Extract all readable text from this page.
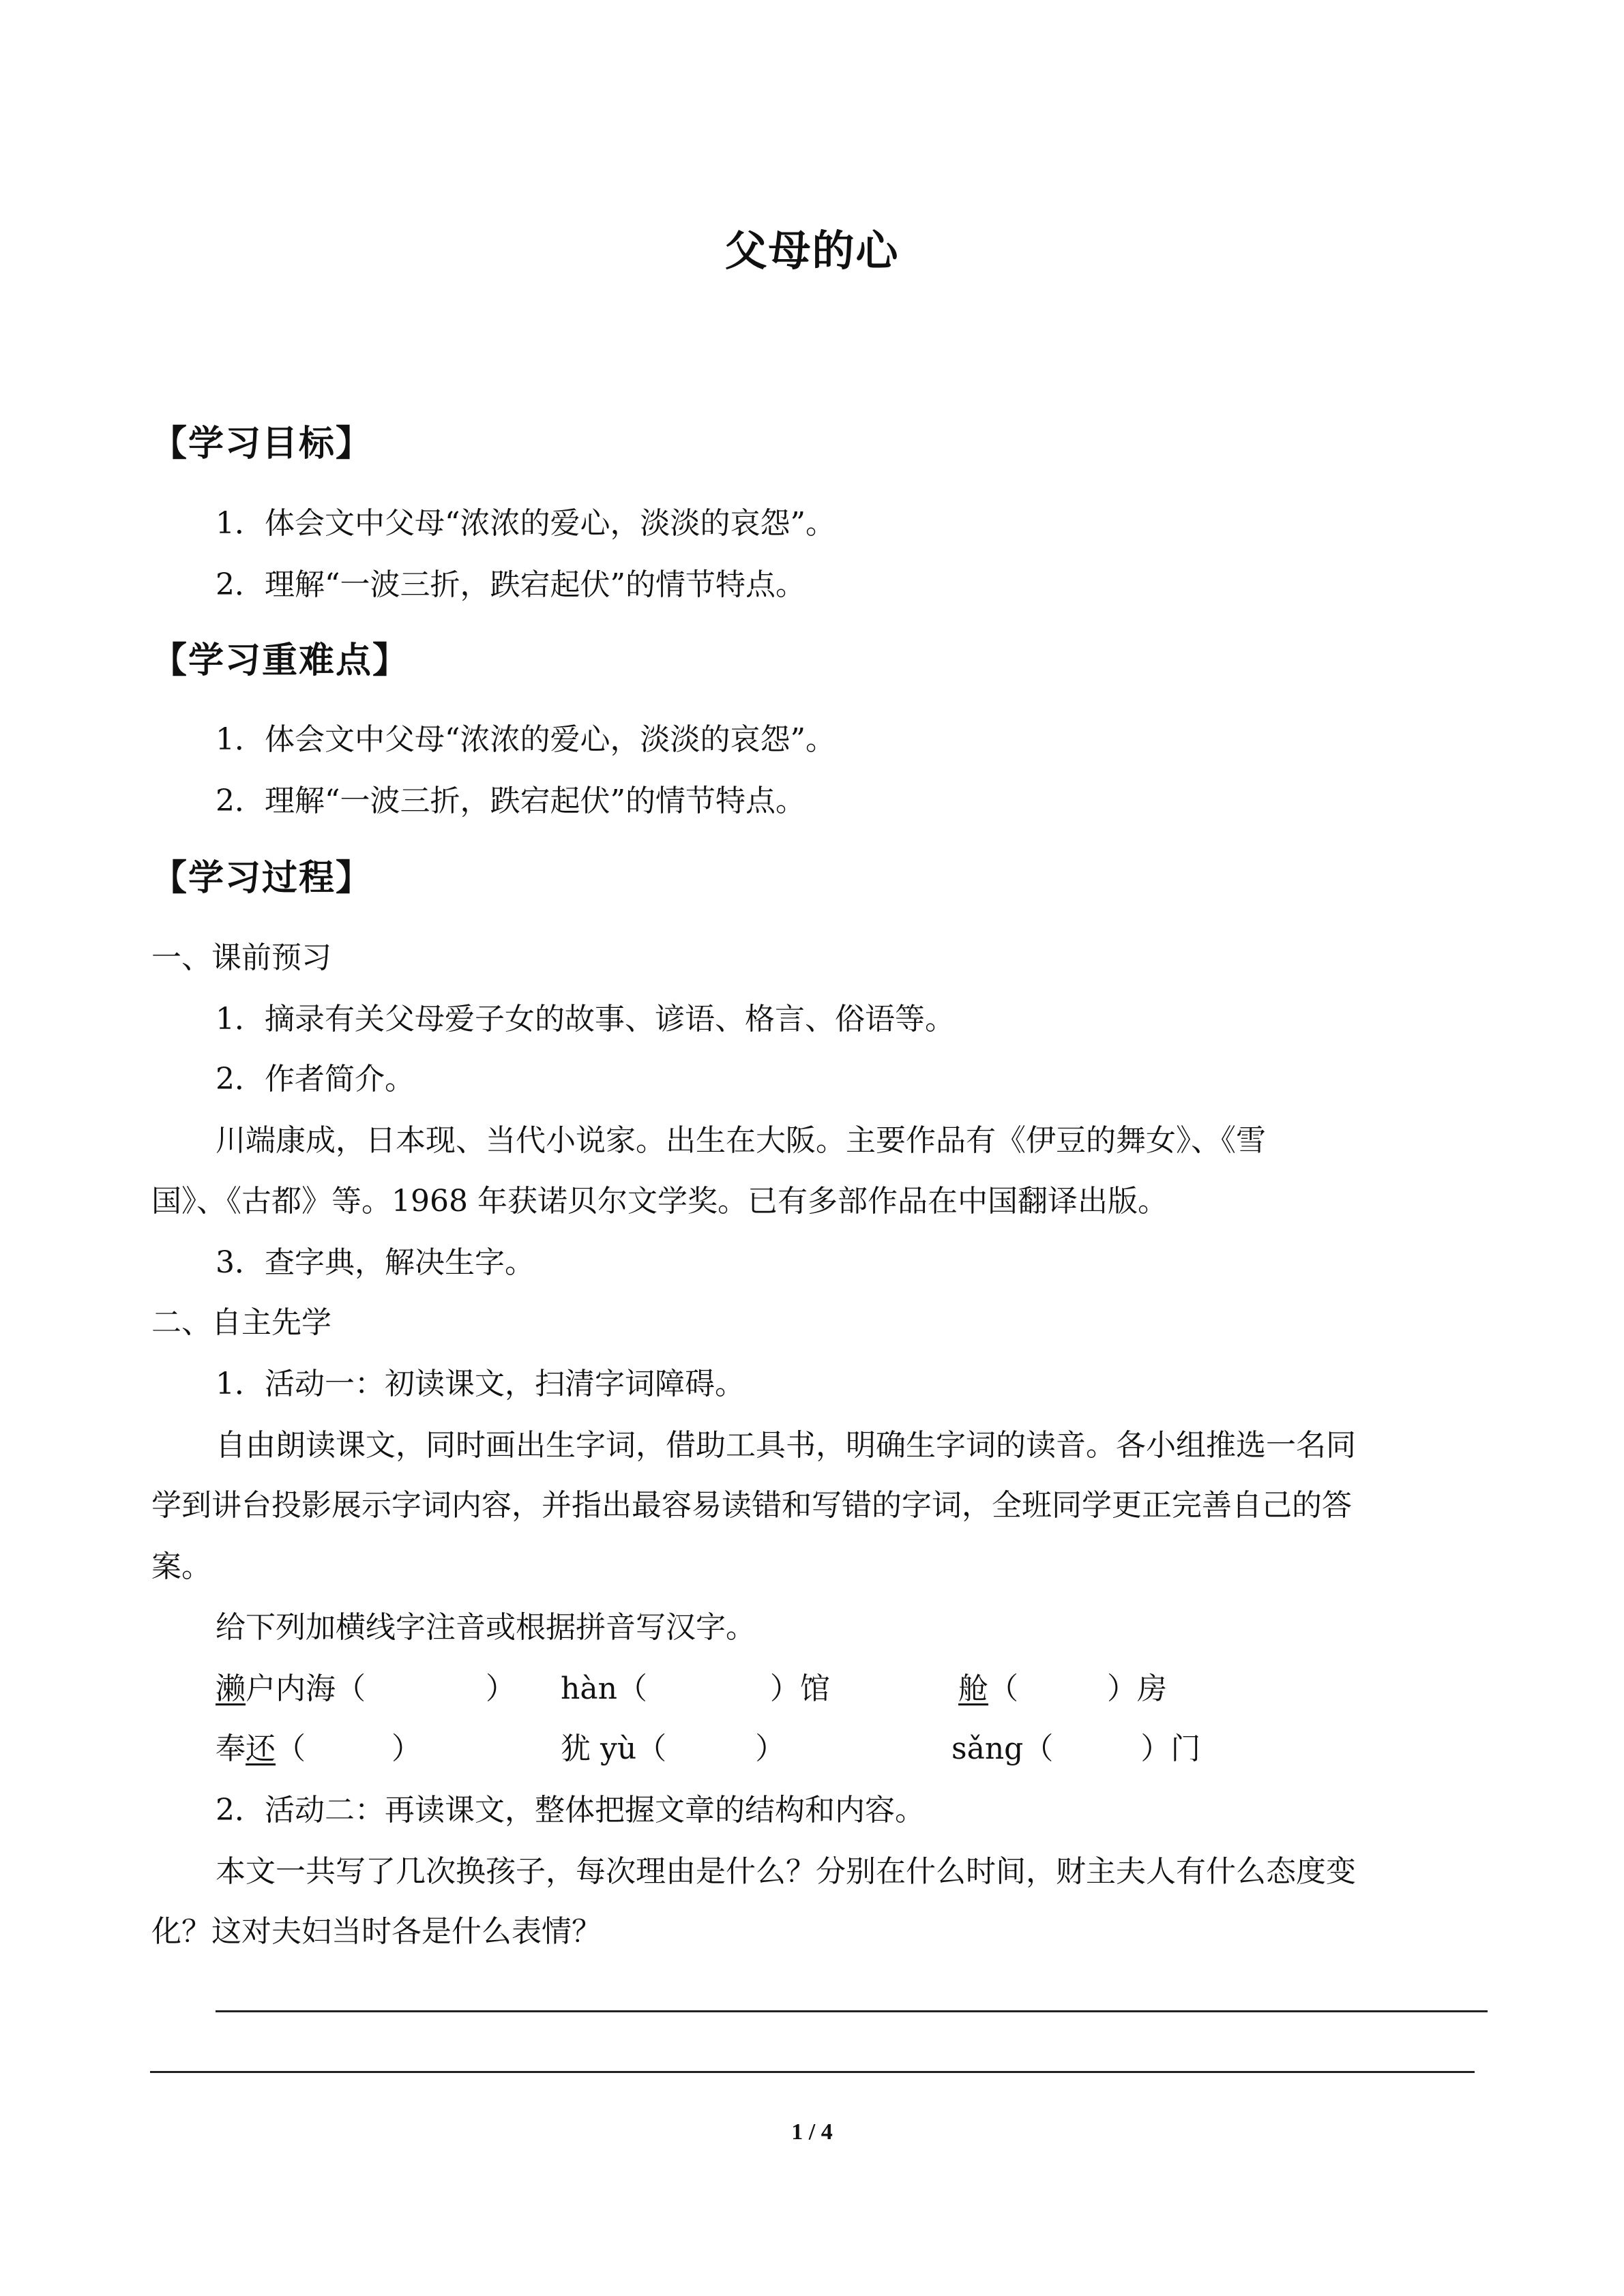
父母的心
【学习目标】

1．体会文中父母“浓浓的爱心，淡淡的哀怨”。

2．理解“一波三折，跌宕起伏”的情节特点。

【学习重难点】

1．体会文中父母“浓浓的爱心，淡淡的哀怨”。

2．理解“一波三折，跌宕起伏”的情节特点。

【学习过程】

一、课前预习

1．摘录有关父母爱子女的故事、谚语、格言、俗语等。

2．作者简介。

川端康成，日本现、当代小说家。出生在大阪。主要作品有《伊豆的舞女》、《雪

国》、《古都》等。1968 年获诺贝尔文学奖。已有多部作品在中国翻译出版。

3．查字典，解决生字。

二、自主先学

1．活动一：初读课文，扫清字词障碍。

自由朗读课文，同时画出生字词，借助工具书，明确生字词的读音。各小组推选一名同

学到讲台投影展示字词内容，并指出最容易读错和写错的字词，全班同学更正完善自己的答

案。

给下列加横线字注音或根据拼音写汉字。

濑户内海（	） hàn（	）馆	舱（	）房

奉还（	）	犹 yù（	）	sǎng（	）门

2．活动二：再读课文，整体把握文章的结构和内容。

本文一共写了几次换孩子，每次理由是什么？分别在什么时间，财主夫人有什么态度变

化？这对夫妇当时各是什么表情？

1 / 4
